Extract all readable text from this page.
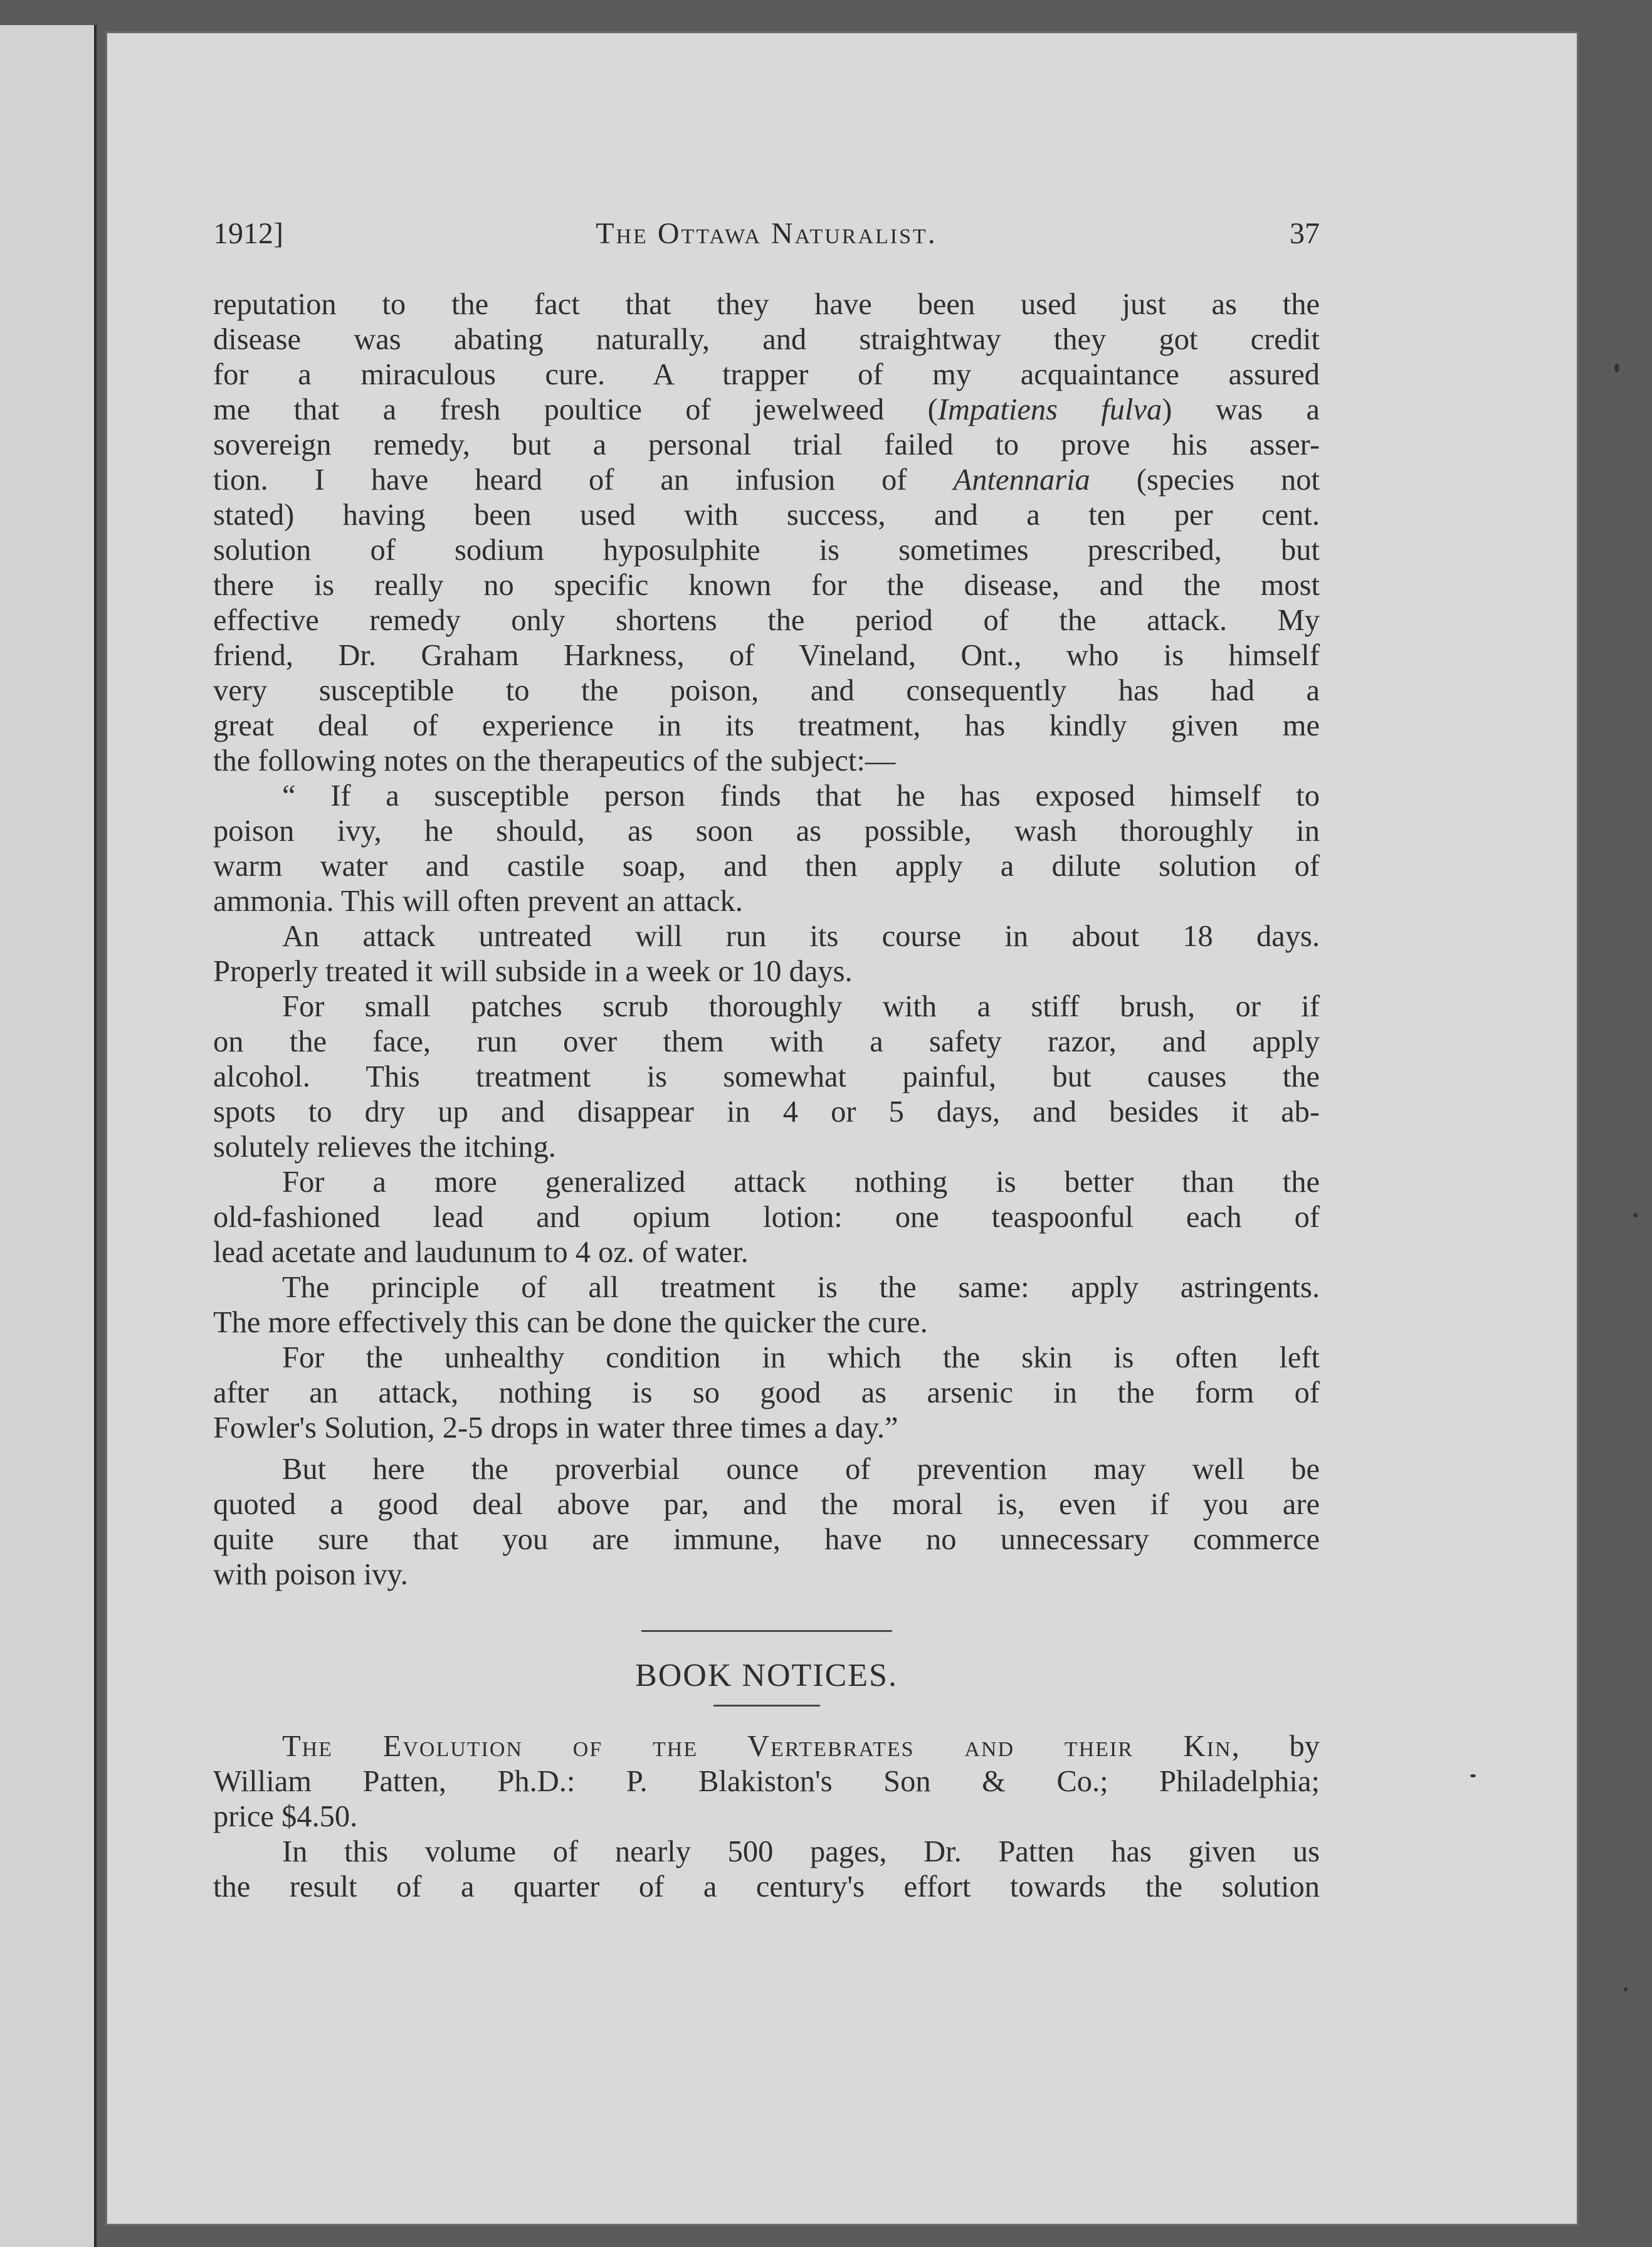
1912]	The Ottawa Naturalist.	37
reputation to the fact that they have been used just as the
disease was abating naturally, and straightway they got credit
for a miraculous cure. A trapper of my acquaintance assured
me that a fresh poultice of jewelweed (Impatiens fulva) was a
sovereign remedy, but a personal trial failed to prove his asser-
tion. I have heard of an infusion of Antennaria (species not
stated) having been used with success, and a ten per cent.
solution of sodium hyposulphite is sometimes prescribed, but
there is really no specific known for the disease, and the most
effective remedy only shortens the period of the attack. My
friend, Dr. Graham Harkness, of Vineland, Ont., who is himself
very susceptible to the poison, and consequently has had a
great deal of experience in its treatment, has kindly given me
the following notes on the therapeutics of the subject:—
“ If a susceptible person finds that he has exposed himself to
poison ivy, he should, as soon as possible, wash thoroughly in
warm water and castile soap, and then apply a dilute solution of
ammonia. This will often prevent an attack.
An attack untreated will run its course in about 18 days.
Properly treated it will subside in a week or 10 days.
For small patches scrub thoroughly with a stiff brush, or if
on the face, run over them with a safety razor, and apply
alcohol. This treatment is somewhat painful, but causes the
spots to dry up and disappear in 4 or 5 days, and besides it ab-
solutely relieves the itching.
For a more generalized attack nothing is better than the
old-fashioned lead and opium lotion: one teaspoonful each of
lead acetate and laudunum to 4 oz. of water.
The principle of all treatment is the same: apply astringents.
The more effectively this can be done the quicker the cure.
For the unhealthy condition in which the skin is often left
after an attack, nothing is so good as arsenic in the form of
Fowler's Solution, 2-5 drops in water three times a day.”
But here the proverbial ounce of prevention may well be
quoted a good deal above par, and the moral is, even if you are
quite sure that you are immune, have no unnecessary commerce
with poison ivy.
BOOK NOTICES.
The Evolution of the Vertebrates and their Kin, by
William Patten, Ph.D.: P. Blakiston's Son & Co.; Philadelphia;
price $4.50.
In this volume of nearly 500 pages, Dr. Patten has given us
the result of a quarter of a century's effort towards the solution
